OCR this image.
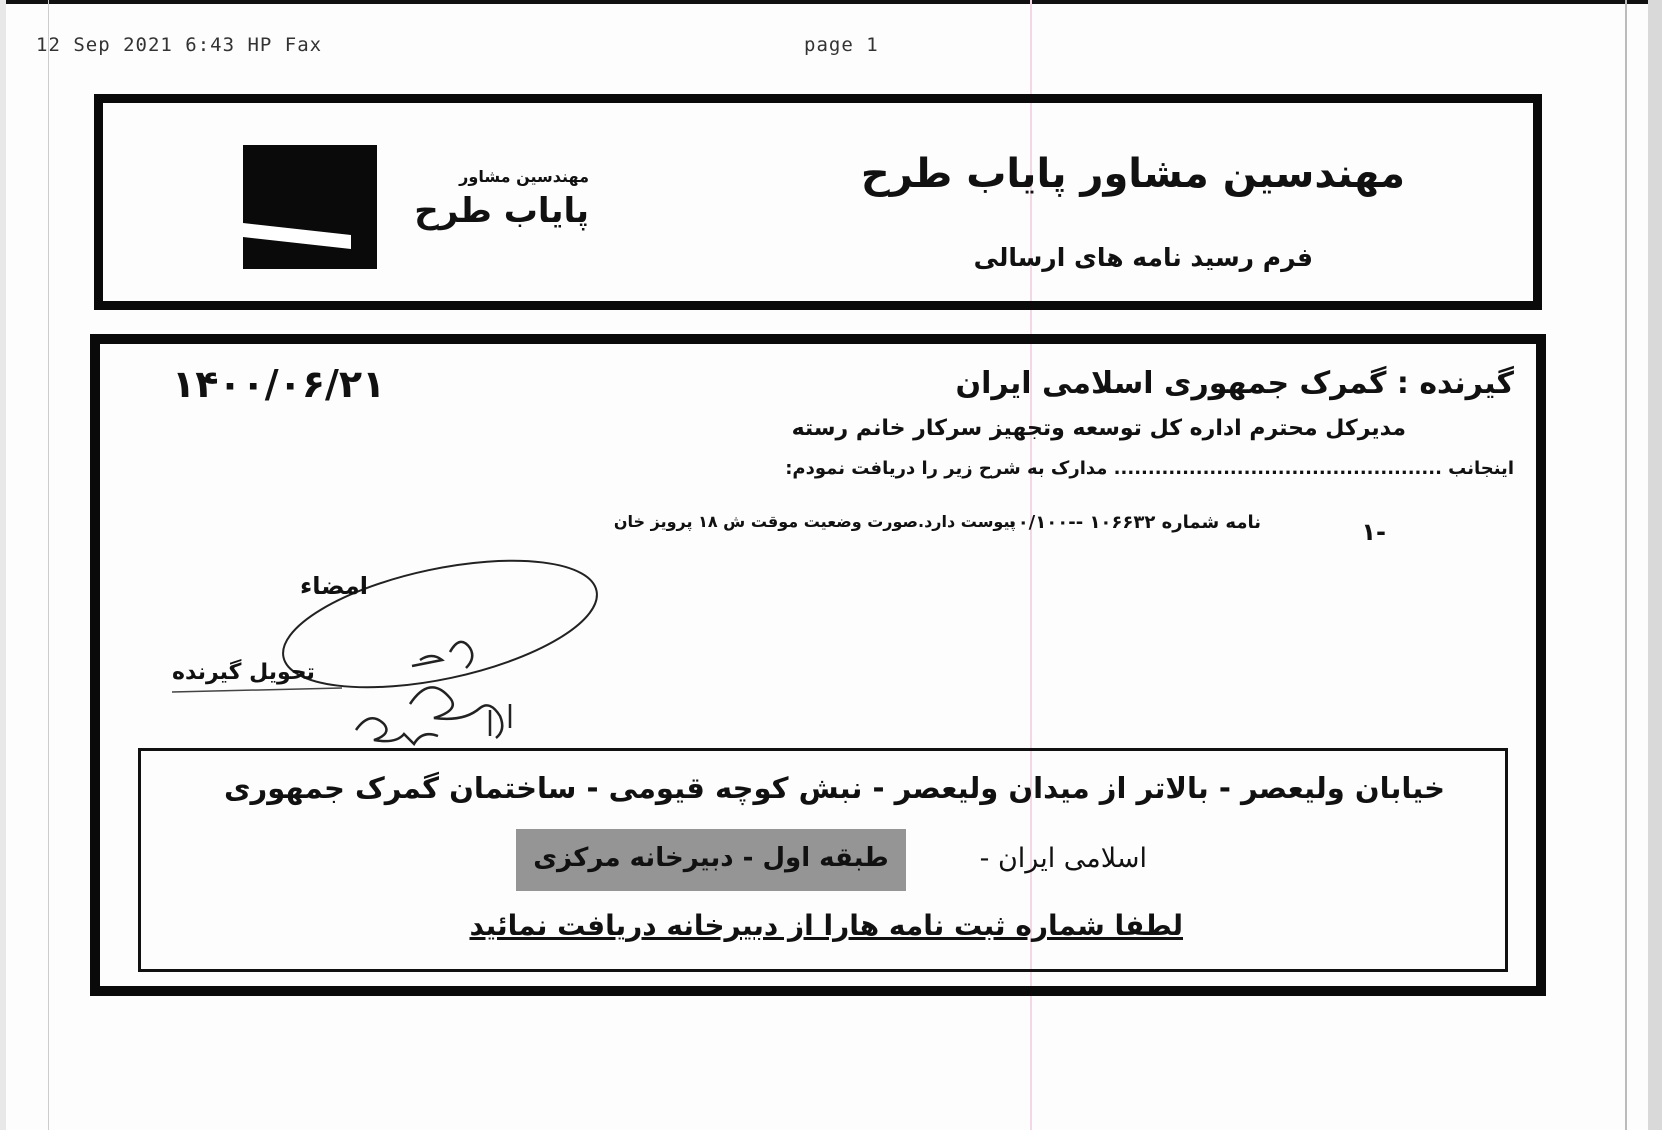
12 Sep 2021 6:43 HP Fax	page 1
مهندسین مشاور
پایاب طرح
مهندسین مشاور پایاب طرح
فرم رسید نامه های ارسالی
۱۴۰۰/۰۶/۲۱	گیرنده : گمرک جمهوری اسلامی ایران
مدیرکل محترم اداره کل توسعه وتجهیز سرکار خانم رسته
اینجانب ................................................ مدارک به شرح زیر را دریافت نمودم:
۱-
نامه شماره ۱۰۶۶۳۲ --۰۰/۱۰۰
پیوست دارد.صورت وضعیت موقت ش ۱۸ پرویز خان
امضاء
تحویل گیرنده
خیابان ولیعصر - بالاتر از میدان ولیعصر - نبش کوچه قیومی - ساختمان گمرک جمهوری
اسلامی ایران -
طبقه اول - دبیرخانه مرکزی
لطفا شماره ثبت نامه هارا از دبیرخانه دریافت نمائید
